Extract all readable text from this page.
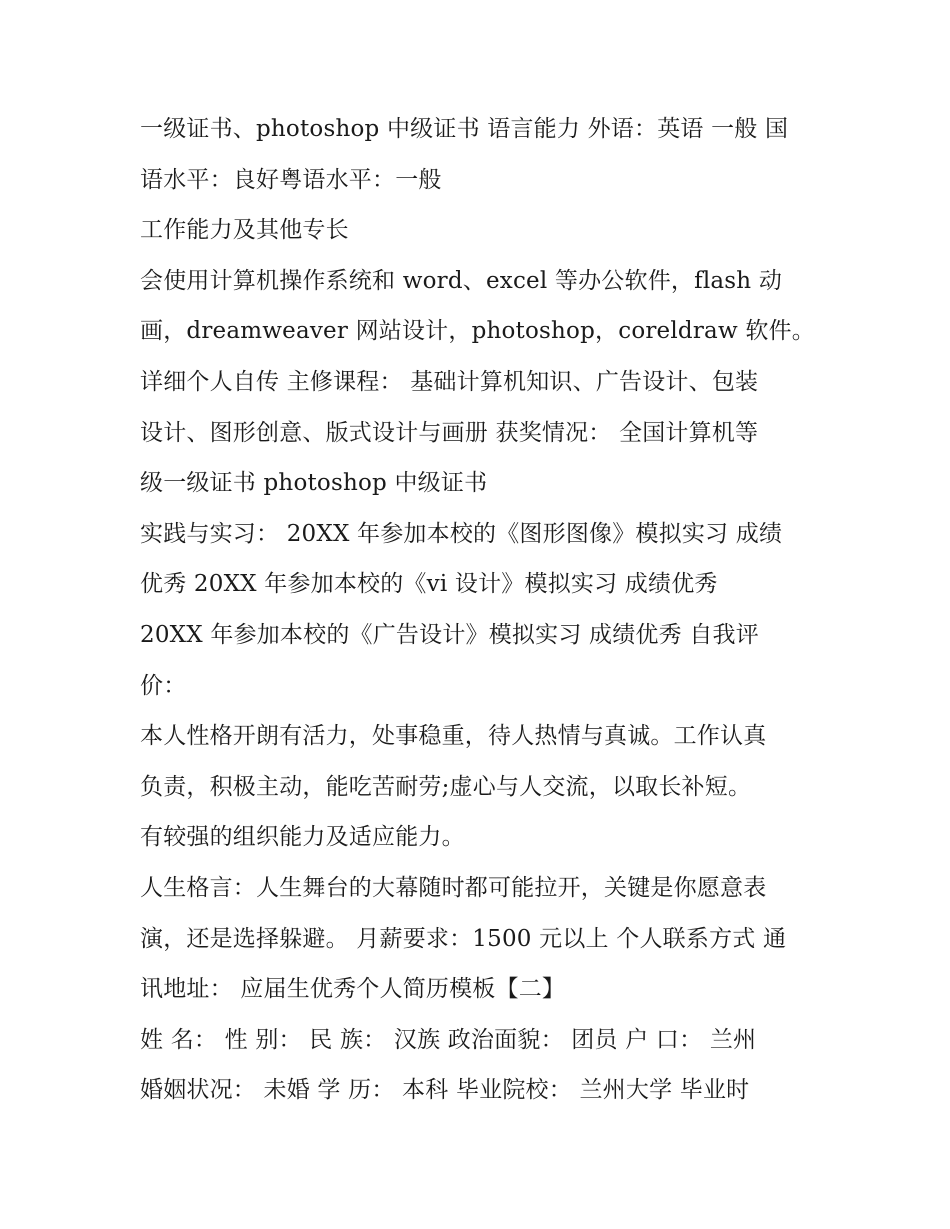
一级证书、photoshop 中级证书 语言能力 外语：英语 一般 国
语水平：良好粤语水平：一般
工作能力及其他专长
会使用计算机操作系统和 word、excel 等办公软件，flash 动
画，dreamweaver 网站设计，photoshop，coreldraw 软件。
详细个人自传 主修课程： 基础计算机知识、广告设计、包装
设计、图形创意、版式设计与画册 获奖情况： 全国计算机等
级一级证书 photoshop 中级证书
实践与实习： 20XX 年参加本校的《图形图像》模拟实习 成绩
优秀 20XX 年参加本校的《vi 设计》模拟实习 成绩优秀
20XX 年参加本校的《广告设计》模拟实习 成绩优秀 自我评
价：
本人性格开朗有活力，处事稳重，待人热情与真诚。工作认真
负责，积极主动，能吃苦耐劳;虚心与人交流，以取长补短。
有较强的组织能力及适应能力。
人生格言：人生舞台的大幕随时都可能拉开，关键是你愿意表
演，还是选择躲避。 月薪要求：1500 元以上 个人联系方式 通
讯地址： 应届生优秀个人简历模板【二】
姓 名： 性 别： 民 族： 汉族 政治面貌： 团员 户 口： 兰州
婚姻状况： 未婚 学 历： 本科 毕业院校： 兰州大学 毕业时
